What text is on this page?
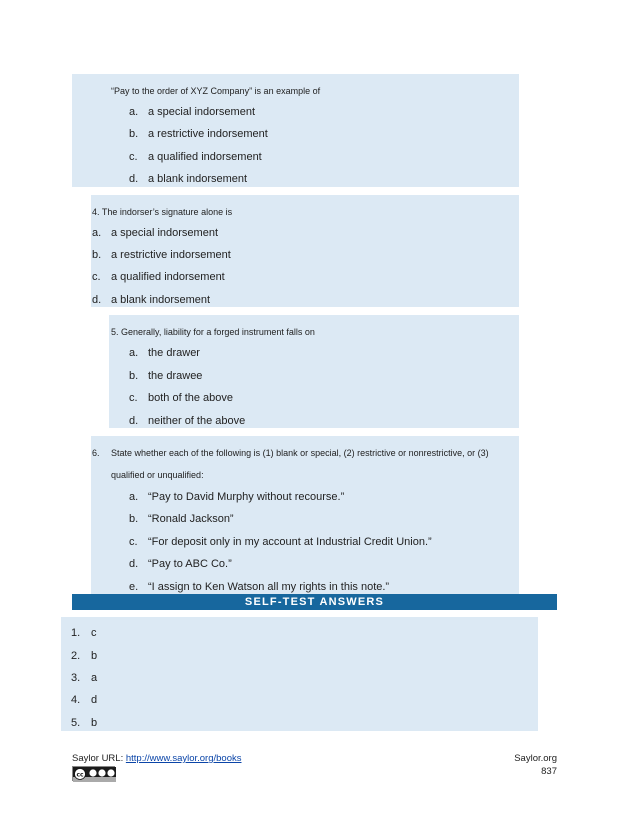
“Pay to the order of XYZ Company” is an example of
a. a special indorsement
b. a restrictive indorsement
c. a qualified indorsement
d. a blank indorsement
4. The indorser’s signature alone is
a. a special indorsement
b. a restrictive indorsement
c. a qualified indorsement
d. a blank indorsement
5. Generally, liability for a forged instrument falls on
a. the drawer
b. the drawee
c. both of the above
d. neither of the above
6. State whether each of the following is (1) blank or special, (2) restrictive or nonrestrictive, or (3)
qualified or unqualified:
a. “Pay to David Murphy without recourse.”
b. “Ronald Jackson”
c. “For deposit only in my account at Industrial Credit Union.”
d. “Pay to ABC Co.”
e. “I assign to Ken Watson all my rights in this note.”
SELF-TEST ANSWERS
1. c
2. b
3. a
4. d
5. b
Saylor URL: http://www.saylor.org/books
cc
Saylor.org
837
